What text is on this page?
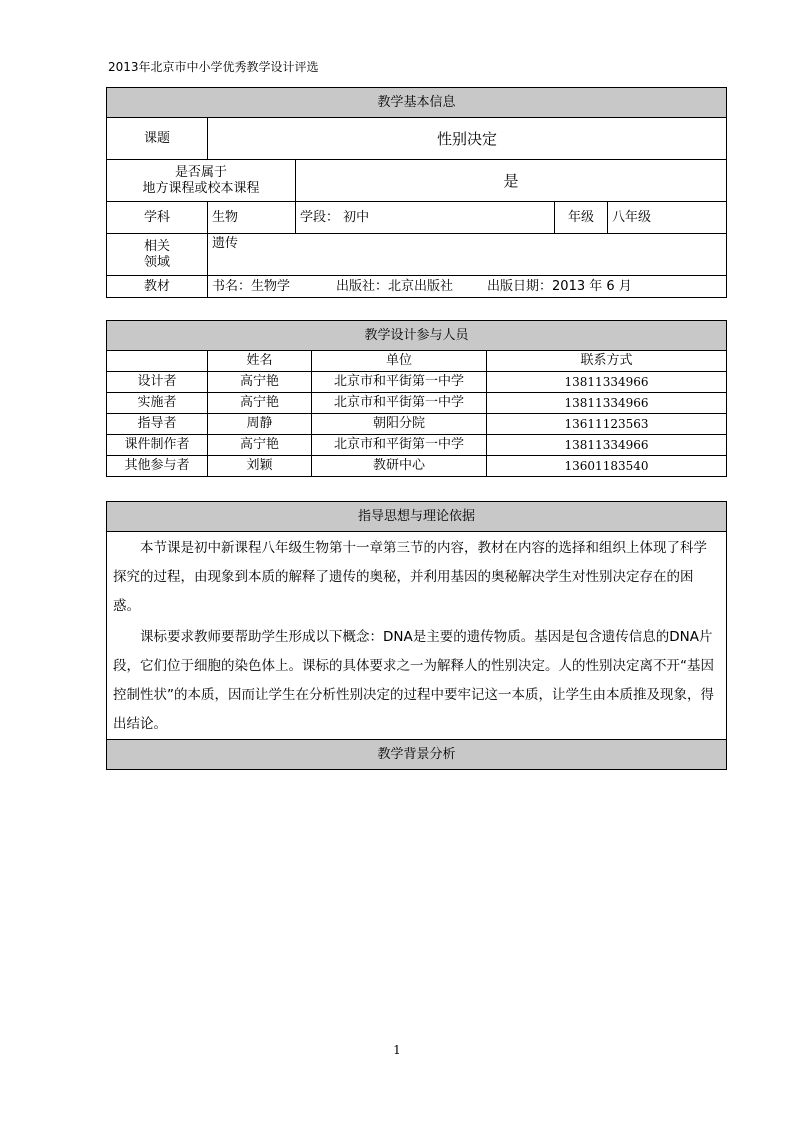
2013年北京市中小学优秀教学设计评选
教学基本信息				
课题	性别决定			

是否属于
地方课程或校本课程		是		
学科	生物	学段： 初中	年级	八年级

相关
领域	遗传			
教材	书名：生物学 出版社：北京出版社 出版日期：2013 年 6 月			
教学设计参与人员			
	姓名	单位	联系方式
设计者	高宁艳	北京市和平街第一中学	13811334966
实施者	高宁艳	北京市和平街第一中学	13811334966
指导者	周静	朝阳分院	13611123563
课件制作者	高宁艳	北京市和平街第一中学	13811334966
其他参与者	刘颖	教研中心	13601183540
指导思想与理论依据

本节课是初中新课程八年级生物第十一章第三节的内容，教材在内容的选择和组织上体现了科学探究的过程，由现象到本质的解释了遗传的奥秘，并利用基因的奥秘解决学生对性别决定存在的困惑。

课标要求教师要帮助学生形成以下概念：DNA是主要的遗传物质。基因是包含遗传信息的DNA片段，它们位于细胞的染色体上。课标的具体要求之一为解释人的性别决定。人的性别决定离不开“基因控制性状”的本质，因而让学生在分析性别决定的过程中要牢记这一本质，让学生由本质推及现象，得出结论。

教学背景分析
1
